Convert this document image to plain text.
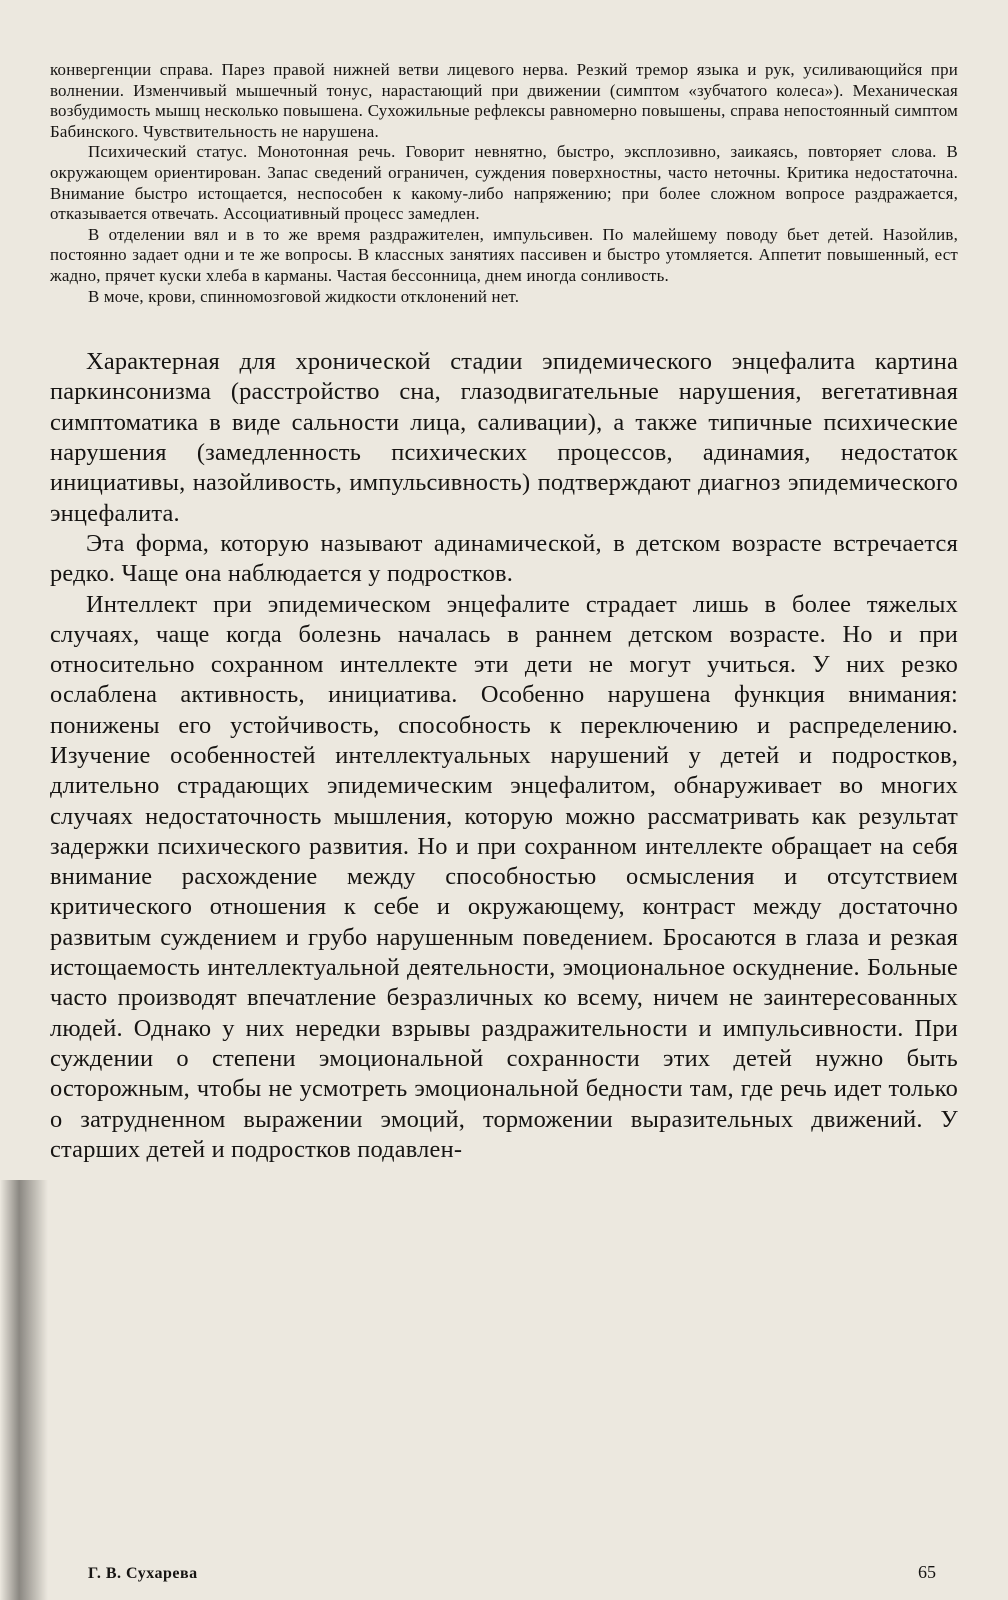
конвергенции справа. Парез правой нижней ветви лицевого нерва. Резкий тремор языка и рук, усиливающийся при волнении. Изменчивый мышечный тонус, нарастающий при движении (симптом «зубчатого колеса»). Механическая возбудимость мышц несколько повышена. Сухожильные рефлексы равномерно повышены, справа непостоянный симптом Бабинского. Чувствительность не нарушена.

Психический статус. Монотонная речь. Говорит невнятно, быстро, эксплозивно, заикаясь, повторяет слова. В окружающем ориентирован. Запас сведений ограничен, суждения поверхностны, часто неточны. Критика недостаточна. Внимание быстро истощается, неспособен к какому-либо напряжению; при более сложном вопросе раздражается, отказывается отвечать. Ассоциативный процесс замедлен.

В отделении вял и в то же время раздражителен, импульсивен. По малейшему поводу бьет детей. Назойлив, постоянно задает одни и те же вопросы. В классных занятиях пассивен и быстро утомляется. Аппетит повышенный, ест жадно, прячет куски хлеба в карманы. Частая бессонница, днем иногда сонливость.

В моче, крови, спинномозговой жидкости отклонений нет.

Характерная для хронической стадии эпидемического энцефалита картина паркинсонизма (расстройство сна, глазодвигательные нарушения, вегетативная симптоматика в виде сальности лица, саливации), а также типичные психические нарушения (замедленность психических процессов, адинамия, недостаток инициативы, назойливость, импульсивность) подтверждают диагноз эпидемического энцефалита.

Эта форма, которую называют адинамической, в детском возрасте встречается редко. Чаще она наблюдается у подростков.

Интеллект при эпидемическом энцефалите страдает лишь в более тяжелых случаях, чаще когда болезнь началась в раннем детском возрасте. Но и при относительно сохранном интеллекте эти дети не могут учиться. У них резко ослаблена активность, инициатива. Особенно нарушена функция внимания: понижены его устойчивость, способность к переключению и распределению. Изучение особенностей интеллектуальных нарушений у детей и подростков, длительно страдающих эпидемическим энцефалитом, обнаруживает во многих случаях недостаточность мышления, которую можно рассматривать как результат задержки психического развития. Но и при сохранном интеллекте обращает на себя внимание расхождение между способностью осмысления и отсутствием критического отношения к себе и окружающему, контраст между достаточно развитым суждением и грубо нарушенным поведением. Бросаются в глаза и резкая истощаемость интеллектуальной деятельности, эмоциональное оскуднение. Больные часто производят впечатление безразличных ко всему, ничем не заинтересованных людей. Однако у них нередки взрывы раздражительности и импульсивности. При суждении о степени эмоциональной сохранности этих детей нужно быть осторожным, чтобы не усмотреть эмоциональной бедности там, где речь идет только о затрудненном выражении эмоций, торможении выразительных движений. У старших детей и подростков подавлен-

Г. В. Сухарева	65
